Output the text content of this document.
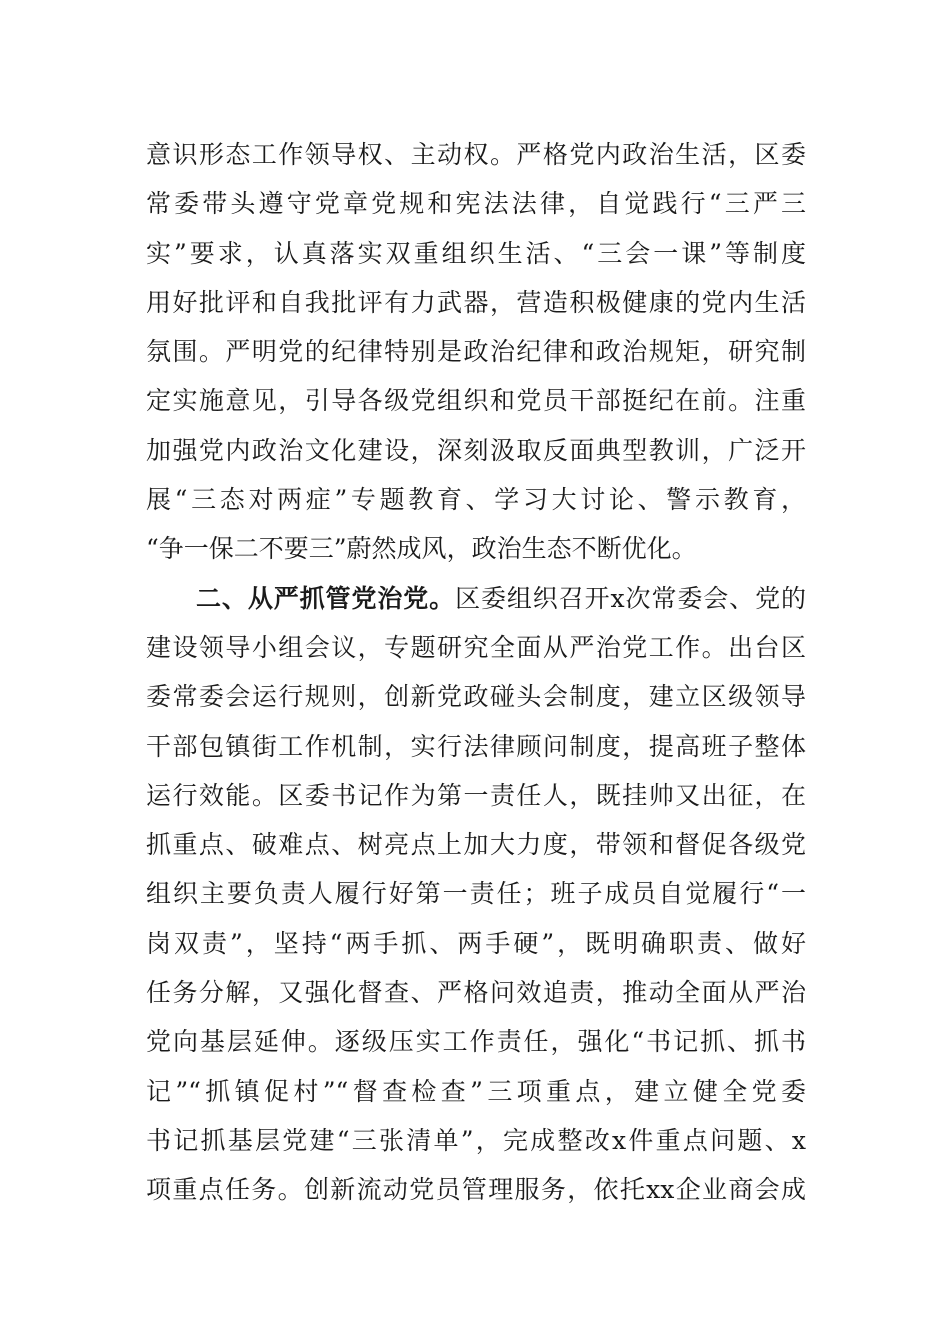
意识形态工作领导权、主动权。严格党内政治生活，区委
常委带头遵守党章党规和宪法法律，自觉践行“三严三
实”要求，认真落实双重组织生活、“三会一课”等制度
用好批评和自我批评有力武器，营造积极健康的党内生活
氛围。严明党的纪律特别是政治纪律和政治规矩，研究制
定实施意见，引导各级党组织和党员干部挺纪在前。注重
加强党内政治文化建设，深刻汲取反面典型教训，广泛开
展“三态对两症”专题教育、学习大讨论、警示教育，
“争一保二不要三”蔚然成风，政治生态不断优化。
二、从严抓管党治党。区委组织召开x次常委会、党的
建设领导小组会议，专题研究全面从严治党工作。出台区
委常委会运行规则，创新党政碰头会制度，建立区级领导
干部包镇街工作机制，实行法律顾问制度，提高班子整体
运行效能。区委书记作为第一责任人，既挂帅又出征，在
抓重点、破难点、树亮点上加大力度，带领和督促各级党
组织主要负责人履行好第一责任；班子成员自觉履行“一
岗双责”，坚持“两手抓、两手硬”，既明确职责、做好
任务分解，又强化督查、严格问效追责，推动全面从严治
党向基层延伸。逐级压实工作责任，强化“书记抓、抓书
记”“抓镇促村”“督查检查”三项重点，建立健全党委
书记抓基层党建“三张清单”，完成整改x件重点问题、x
项重点任务。创新流动党员管理服务，依托xx企业商会成
